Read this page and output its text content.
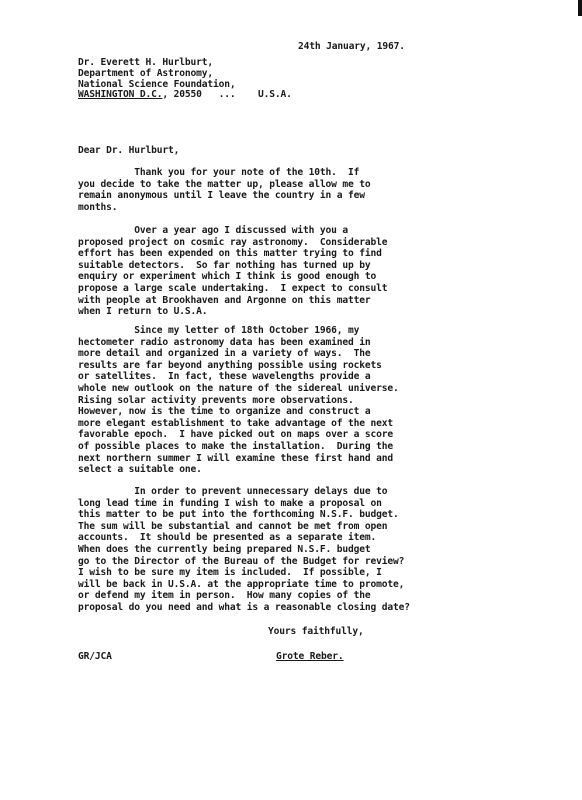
24th January, 1967.
Dr. Everett H. Hurlburt,
Department of Astronomy,
National Science Foundation,
WASHINGTON D.C., 20550   ...    U.S.A.
Dear Dr. Hurlburt,
Thank you for your note of the 10th.  If
you decide to take the matter up, please allow me to
remain anonymous until I leave the country in a few
months.
Over a year ago I discussed with you a
proposed project on cosmic ray astronomy.  Considerable
effort has been expended on this matter trying to find
suitable detectors.  So far nothing has turned up by
enquiry or experiment which I think is good enough to
propose a large scale undertaking.  I expect to consult
with people at Brookhaven and Argonne on this matter
when I return to U.S.A.
Since my letter of 18th October 1966, my
hectometer radio astronomy data has been examined in
more detail and organized in a variety of ways.  The
results are far beyond anything possible using rockets
or satellites.  In fact, these wavelengths provide a
whole new outlook on the nature of the sidereal universe.
Rising solar activity prevents more observations.
However, now is the time to organize and construct a
more elegant establishment to take advantage of the next
favorable epoch.  I have picked out on maps over a score
of possible places to make the installation.  During the
next northern summer I will examine these first hand and
select a suitable one.
In order to prevent unnecessary delays due to
long lead time in funding I wish to make a proposal on
this matter to be put into the forthcoming N.S.F. budget.
The sum will be substantial and cannot be met from open
accounts.  It should be presented as a separate item.
When does the currently being prepared N.S.F. budget
go to the Director of the Bureau of the Budget for review?
I wish to be sure my item is included.  If possible, I
will be back in U.S.A. at the appropriate time to promote,
or defend my item in person.  How many copies of the
proposal do you need and what is a reasonable closing date?
Yours faithfully,
GR/JCA	Grote Reber.
